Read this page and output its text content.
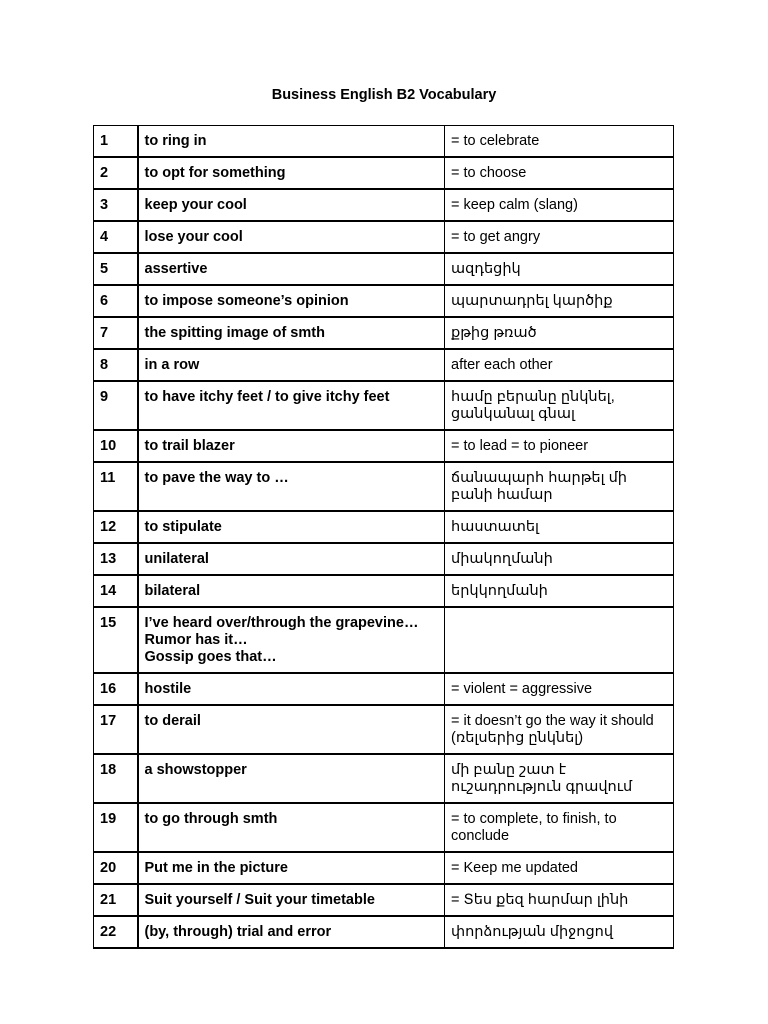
Business English B2 Vocabulary
1	to ring in	= to celebrate
2	to opt for something	= to choose
3	keep your cool	= keep calm (slang)
4	lose your cool	= to get angry
5	assertive	ազդեցիկ
6	to impose someone’s opinion	պարտադրել կարծիք
7	the spitting image of smth	քթից թռած
8	in a row	after each other
9	to have itchy feet / to give itchy feet	համը բերանը ընկնել, ցանկանալ գնալ
10	to trail blazer	= to lead = to pioneer
11	to pave the way to …	ճանապարհ հարթել մի բանի համար
12	to stipulate	հաստատել
13	unilateral	միակողմանի
14	bilateral	երկկողմանի
15	I’ve heard over/through the grapevine…
Rumor has it…
Gossip goes that…	
16	hostile	= violent = aggressive
17	to derail	= it doesn’t go the way it should (ռելսերից ընկնել)
18	a showstopper	մի բանը շատ է ուշադրություն գրավում
19	to go through smth	= to complete, to finish, to conclude
20	Put me in the picture	= Keep me updated
21	Suit yourself / Suit your timetable	= Տես քեզ հարմար լինի
22	(by, through) trial and error	փորձության միջոցով
